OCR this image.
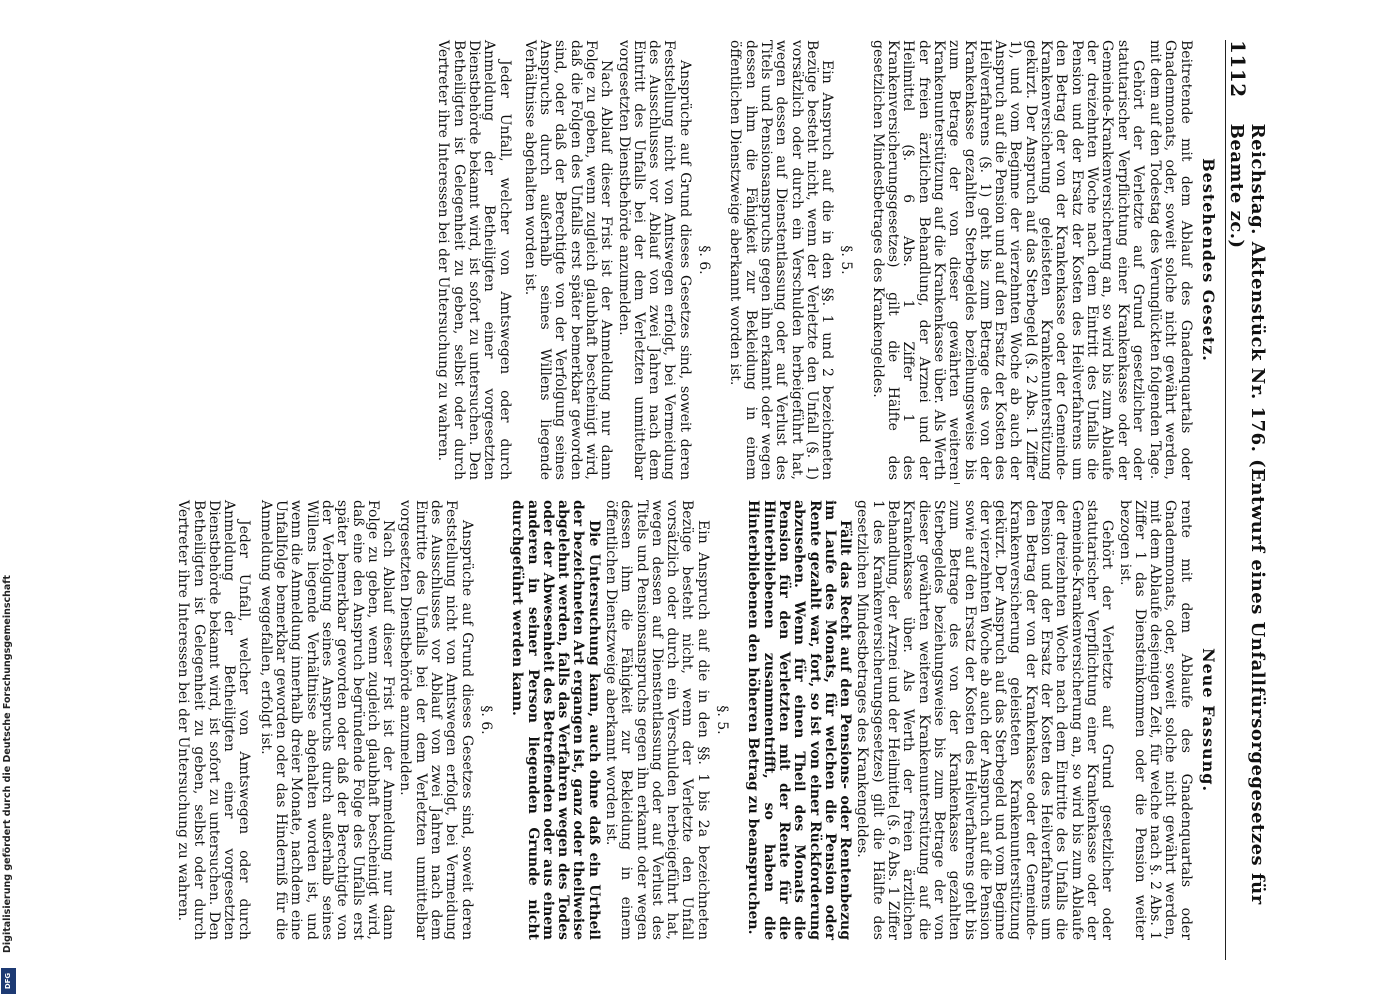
1112
Reichstag. Aktenstück Nr. 176. (Entwurf eines Unfallfürsorgegesetzes für Beamte zc.)
Bestehendes Gesetz.

Beitretende mit dem Ablauf des Gnadenquartals oder Gnadenmonats, oder, soweit solche nicht gewährt werden, mit dem auf den Todestag des Verunglückten folgenden Tage.

Gehört der Verletzte auf Grund gesetzlicher oder statutarischer Verpflichtung einer Krankenkasse oder der Gemeinde-Krankenversicherung an, so wird bis zum Ablaufe der dreizehnten Woche nach dem Eintritt des Unfalls die Pension und der Ersatz der Kosten des Heilverfahrens um den Betrag der von der Krankenkasse oder der Gemeinde-Krankenversicherung geleisteten Krankenunterstützung gekürzt. Der Anspruch auf das Sterbegeld (§. 2 Abs. 1 Ziffer 1), und vom Beginne der vierzehnten Woche ab auch der Anspruch auf die Pension und auf den Ersatz der Kosten des Heilverfahrens (§. 1) geht bis zum Betrage des von der Krankenkasse gezahlten Sterbegeldes beziehungsweise bis zum Betrage der von dieser gewährten weiteren Krankenunterstützung auf die Krankenkasse über. Als Werth der freien ärztlichen Behandlung, der Arznei und der Heilmittel (§. 6 Abs. 1 Ziffer 1 des Krankenversicherungsgesetzes) gilt die Hälfte des gesetzlichen Mindestbetrages des Krankengeldes.

§. 5.

Ein Anspruch auf die in den §§. 1 und 2 bezeichneten Bezüge besteht nicht, wenn der Verletzte den Unfall (§. 1) vorsätzlich oder durch ein Verschulden herbeigeführt hat, wegen dessen auf Dienstentlassung oder auf Verlust des Titels und Pensionsanspruchs gegen ihn erkannt oder wegen dessen ihm die Fähigkeit zur Bekleidung in einem öffentlichen Dienstzweige aberkannt worden ist.

§. 6.

Ansprüche auf Grund dieses Gesetzes sind, soweit deren Feststellung nicht von Amtswegen erfolgt, bei Vermeidung des Ausschlusses vor Ablauf von zwei Jahren nach dem Eintritt des Unfalls bei der dem Verletzten unmittelbar vorgesetzten Dienstbehörde anzumelden.

Nach Ablauf dieser Frist ist der Anmeldung nur dann Folge zu geben, wenn zugleich glaubhaft bescheinigt wird, daß die Folgen des Unfalls erst später bemerkbar geworden sind, oder daß der Berechtigte von der Verfolgung seines Anspruchs durch außerhalb seines Willens liegende Verhältnisse abgehalten worden ist.

Jeder Unfall, welcher von Amtswegen oder durch Anmeldung der Betheiligten einer vorgesetzten Dienstbehörde bekannt wird, ist sofort zu untersuchen. Den Betheiligten ist Gelegenheit zu geben, selbst oder durch Vertreter ihre Interessen bei der Untersuchung zu wahren.

Neue Fassung.

rente mit dem Ablaufe des Gnadenquartals oder Gnadenmonats, oder, soweit solche nicht gewährt werden, mit dem Ablaufe desjenigen Zeit, für welche nach §. 2 Abs. 1 Ziffer 1 das Diensteinkommen oder die Pension weiter bezogen ist.

Gehört der Verletzte auf Grund gesetzlicher oder statutarischer Verpflichtung einer Krankenkasse oder der Gemeinde-Krankenversicherung an, so wird bis zum Ablaufe der dreizehnten Woche nach dem Eintritte des Unfalls die Pension und der Ersatz der Kosten des Heilverfahrens um den Betrag der von der Krankenkasse oder der Gemeinde-Krankenversicherung geleisteten Krankenunterstützung gekürzt. Der Anspruch auf das Sterbegeld und vom Beginne der vierzehnten Woche ab auch der Anspruch auf die Pension sowie auf den Ersatz der Kosten des Heilverfahrens geht bis zum Betrage des von der Krankenkasse gezahlten Sterbegeldes beziehungsweise bis zum Betrage der von dieser gewährten weiteren Krankenunterstützung auf die Krankenkasse über. Als Werth der freien ärztlichen Behandlung, der Arznei und der Heilmittel (§. 6 Abs. 1 Ziffer 1 des Krankenversicherungsgesetzes) gilt die Hälfte des gesetzlichen Mindestbetrages des Krankengeldes.

Fällt das Recht auf den Pensions- oder Rentenbezug im Laufe des Monats, für welchen die Pension oder Rente gezahlt war, fort, so ist von einer Rückforderung abzusehen. Wenn für einen Theil des Monats die Pension für den Verletzten mit der Rente für die Hinterbliebenen zusammentrifft, so haben die Hinterbliebenen den höheren Betrag zu beanspruchen.

§. 5.

Ein Anspruch auf die in den §§. 1 bis 2a bezeichneten Bezüge besteht nicht, wenn der Verletzte den Unfall vorsätzlich oder durch ein Verschulden herbeigeführt hat, wegen dessen auf Dienstentlassung oder auf Verlust des Titels und Pensionsanspruchs gegen ihn erkannt oder wegen dessen ihm die Fähigkeit zur Bekleidung in einem öffentlichen Dienstzweige aberkannt worden ist.

Die Untersuchung kann, auch ohne daß ein Urtheil der bezeichneten Art ergangen ist, ganz oder theilweise abgelehnt werden, falls das Verfahren wegen des Todes oder der Abwesenheit des Betreffenden oder aus einem anderen in seiner Person liegenden Grunde nicht durchgeführt werden kann.

§. 6.

Ansprüche auf Grund dieses Gesetzes sind, soweit deren Feststellung nicht von Amtswegen erfolgt, bei Vermeidung des Ausschlusses vor Ablauf von zwei Jahren nach dem Eintritte des Unfalls bei der dem Verletzten unmittelbar vorgesetzten Dienstbehörde anzumelden.

Nach Ablauf dieser Frist ist der Anmeldung nur dann Folge zu geben, wenn zugleich glaubhaft bescheinigt wird, daß eine den Anspruch begründende Folge des Unfalls erst später bemerkbar geworden oder daß der Berechtigte von der Verfolgung seines Anspruchs durch außerhalb seines Willens liegende Verhältnisse abgehalten worden ist, und wenn die Anmeldung innerhalb dreier Monate, nachdem eine Unfallfolge bemerkbar geworden oder das Hinderniß für die Anmeldung weggefallen, erfolgt ist.

Jeder Unfall, welcher von Amtswegen oder durch Anmeldung der Betheiligten einer vorgesetzten Dienstbehörde bekannt wird, ist sofort zu untersuchen. Den Betheiligten ist Gelegenheit zu geben, selbst oder durch Vertreter ihre Interessen bei der Untersuchung zu wahren.

Digitalisierung gefördert durch die Deutsche Forschungsgemeinschaft
DFG
